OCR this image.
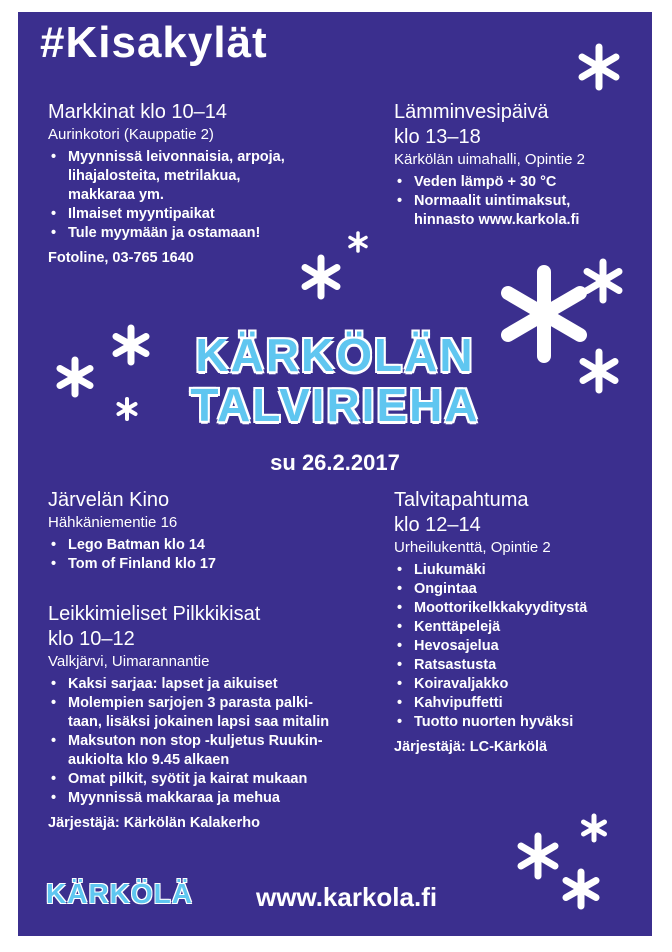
#Kisakylät
Markkinat klo 10–14
Aurinkotori (Kauppatie 2)
• Myynnissä leivonnaisia, arpoja,
lihajalosteita, metrilakua,
makkaraa ym.
• Ilmaiset myyntipaikat
• Tule myymään ja ostamaan!
Fotoline, 03-765 1640
Lämminvesipäivä
klo 13–18
Kärkölän uimahalli, Opintie 2
• Veden lämpö + 30 °C
• Normaalit uintimaksut,
hinnasto www.karkola.fi
KÄRKÖLÄN
TALVIRIEHA
su 26.2.2017
Järvelän Kino
Hähkäniementie 16
• Lego Batman klo 14
• Tom of Finland klo 17
Leikkimieliset Pilkkikisat
klo 10–12
Valkjärvi, Uimarannantie
• Kaksi sarjaa: lapset ja aikuiset
• Molempien sarjojen 3 parasta palki-
taan, lisäksi jokainen lapsi saa mitalin
• Maksuton non stop -kuljetus Ruukin-
aukiolta klo 9.45 alkaen
• Omat pilkit, syötit ja kairat mukaan
• Myynnissä makkaraa ja mehua
Järjestäjä: Kärkölän Kalakerho
Talvitapahtuma
klo 12–14
Urheilukenttä, Opintie 2
• Liukumäki
• Ongintaa
• Moottorikelkkakyyditystä
• Kenttäpelejä
• Hevosajelua
• Ratsastusta
• Koiravaljakko
• Kahvipuffetti
• Tuotto nuorten hyväksi
Järjestäjä: LC-Kärkölä
KÄRKÖLÄ www.karkola.fi
